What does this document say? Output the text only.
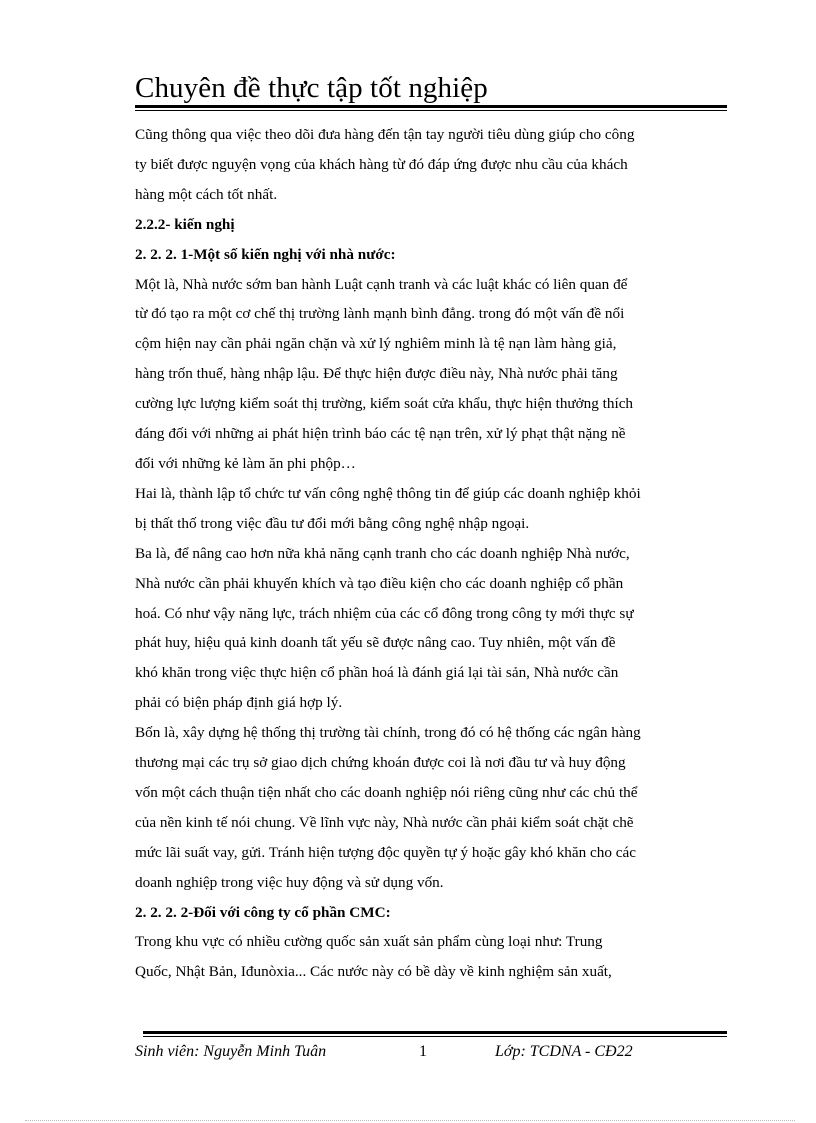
Chuyên đề thực tập tốt nghiệp

Cũng thông qua việc theo dõi đưa hàng đến tận tay người tiêu dùng giúp cho công

ty biết được nguyện vọng của khách hàng từ đó đáp ứng được nhu cầu của khách

hàng một cách tốt nhất.

2.2.2- kiến nghị

2. 2. 2. 1-Một số kiến nghị với nhà nước:

Một là, Nhà nước sớm ban hành Luật cạnh tranh và các luật khác có liên quan để

từ đó tạo ra một cơ chế thị trường lành mạnh bình đẳng. trong đó một vấn đề nổi

cộm hiện nay cần phải ngăn chặn và xử lý nghiêm minh là tệ nạn làm hàng giả,

hàng trốn thuế, hàng nhập lậu. Để thực hiện được điều này, Nhà nước phải tăng

cường lực lượng kiểm soát thị trường, kiểm soát cửa khẩu, thực hiện thưởng thích

đáng đối với những ai phát hiện trình báo các tệ nạn trên, xử lý phạt thật nặng nề

đối với những kẻ làm ăn phi phộp…

Hai là, thành lập tổ chức tư vấn công nghệ thông tin để giúp các doanh nghiệp khỏi

bị thất thố trong việc đầu tư đổi mới bằng công nghệ nhập ngoại.

Ba là, để nâng cao hơn nữa khả năng cạnh tranh cho các doanh nghiệp Nhà nước,

Nhà nước cần phải khuyến khích và tạo điều kiện cho các doanh nghiệp cổ phần

hoá. Có như vậy năng lực, trách nhiệm của các cổ đông trong công ty mới thực sự

phát huy, hiệu quả kinh doanh tất yếu sẽ được nâng cao. Tuy nhiên, một vấn đề

khó khăn trong việc thực hiện cổ phần hoá là đánh giá lại tài sản, Nhà nước cần

phải có biện pháp định giá hợp lý.

Bốn là, xây dựng hệ thống thị trường tài chính, trong đó có hệ thống các ngân hàng

thương mại các trụ sở giao dịch chứng khoán được coi là nơi đầu tư và huy động

vốn một cách thuận tiện nhất cho các doanh nghiệp nói riêng cũng như các chủ thể

của nền kinh tế nói chung. Về lĩnh vực này, Nhà nước cần phải kiểm soát chặt chẽ

mức lãi suất vay, gửi. Tránh hiện tượng độc quyền tự ý hoặc gây khó khăn cho các

doanh nghiệp trong việc huy động và sử dụng vốn.

2. 2. 2. 2-Đối với công ty cổ phần CMC:

Trong khu vực có nhiều cường quốc sản xuất sản phẩm cùng loại như: Trung

Quốc, Nhật Bản, Iđunòxia... Các nước này có bề dày về kinh nghiệm sản xuất,

Sinh viên: Nguyễn Minh Tuân	1	Lớp: TCDNA - CĐ22
